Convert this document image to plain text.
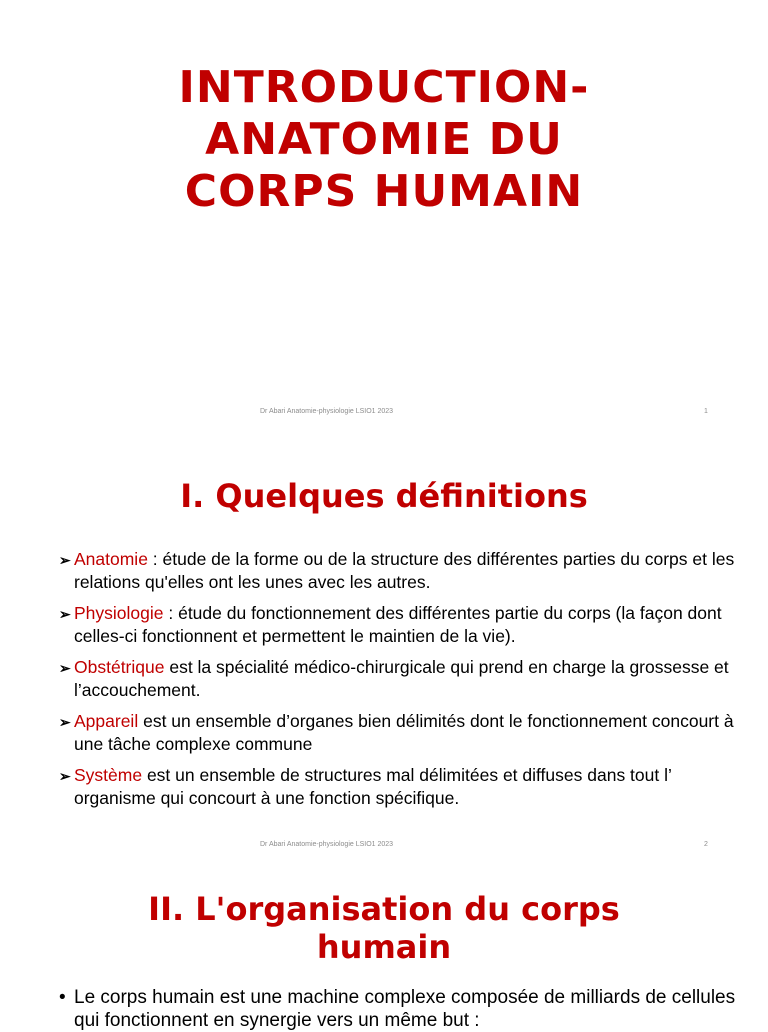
INTRODUCTION-
ANATOMIE DU
CORPS HUMAIN
Dr Abari Anatomie-physiologie LSIO1 2023	1
I. Quelques définitions
➢ Anatomie : étude de la forme ou de la structure des différentes parties du corps et les relations qu'elles ont les unes avec les autres.
➢ Physiologie : étude du fonctionnement des différentes partie du corps (la façon dont celles-ci fonctionnent et permettent le maintien de la vie).
➢ Obstétrique est la spécialité médico-chirurgicale qui prend en charge la grossesse et l’accouchement.
➢ Appareil est un ensemble d’organes bien délimités dont le fonctionnement concourt à une tâche complexe commune
➢ Système est un ensemble de structures mal délimitées et diffuses dans tout l’ organisme qui concourt à une fonction spécifique.
Dr Abari Anatomie-physiologie LSIO1 2023	2
II. L'organisation du corps
humain
• Le corps humain est une machine complexe composée de milliards de cellules qui fonctionnent en synergie vers un même but :
